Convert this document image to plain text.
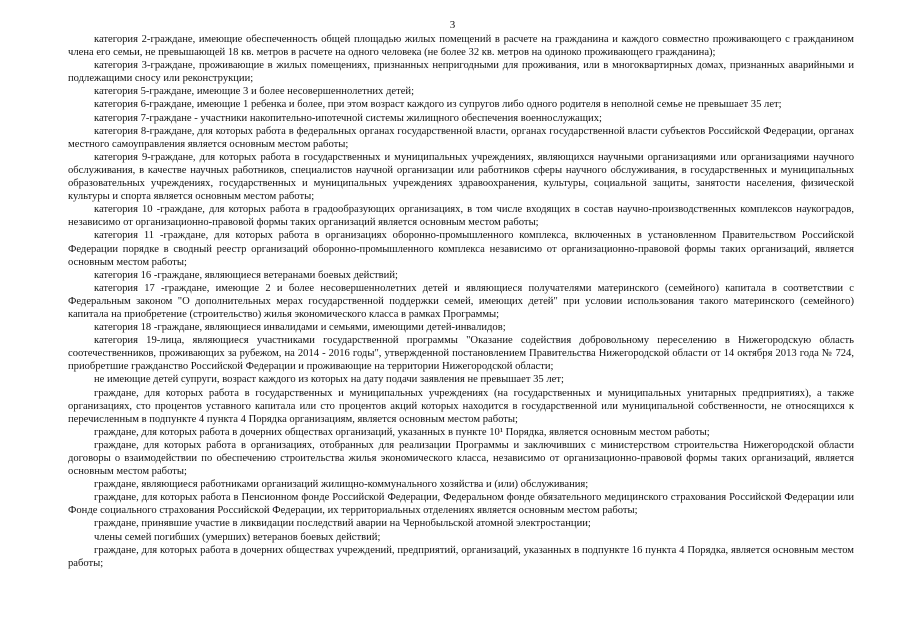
3

категория 2-граждане, имеющие обеспеченность общей площадью жилых помещений в расчете на гражданина и каждого совместно проживающего с гражданином члена его семьи, не превышающей 18 кв. метров в расчете на одного человека (не более 32 кв. метров на одиноко проживающего гражданина);

категория 3-граждане, проживающие в жилых помещениях, признанных непригодными для проживания, или в многоквартирных домах, признанных аварийными и подлежащими сносу или реконструкции;

категория 5-граждане, имеющие 3 и более несовершеннолетних детей;

категория 6-граждане, имеющие 1 ребенка и более, при этом возраст каждого из супругов либо одного родителя в неполной семье не превышает 35 лет;

категория 7-граждане - участники накопительно-ипотечной системы жилищного обеспечения военнослужащих;

категория 8-граждане, для которых работа в федеральных органах государственной власти, органах государственной власти субъектов Российской Федерации, органах местного самоуправления является основным местом работы;

категория 9-граждане, для которых работа в государственных и муниципальных учреждениях, являющихся научными организациями или организациями научного обслуживания, в качестве научных работников, специалистов научной организации или работников сферы научного обслуживания, в государственных и муниципальных образовательных учреждениях, государственных и муниципальных учреждениях здравоохранения, культуры, социальной защиты, занятости населения, физической культуры и спорта является основным местом работы;

категория 10 -граждане, для которых работа в градообразующих организациях, в том числе входящих в состав научно-производственных комплексов наукоградов, независимо от организационно-правовой формы таких организаций является основным местом работы;

категория 11 -граждане, для которых работа в организациях оборонно-промышленного комплекса, включенных в установленном Правительством Российской Федерации порядке в сводный реестр организаций оборонно-промышленного комплекса независимо от организационно-правовой формы таких организаций, является основным местом работы;

категория 16 -граждане, являющиеся ветеранами боевых действий;

категория 17 -граждане, имеющие 2 и более несовершеннолетних детей и являющиеся получателями материнского (семейного) капитала в соответствии с Федеральным законом "О дополнительных мерах государственной поддержки семей, имеющих детей" при условии использования такого материнского (семейного) капитала на приобретение (строительство) жилья экономического класса в рамках Программы;

категория 18 -граждане, являющиеся инвалидами и семьями, имеющими детей-инвалидов;

категория 19-лица, являющиеся участниками государственной программы "Оказание содействия добровольному переселению в Нижегородскую область соотечественников, проживающих за рубежом, на 2014 - 2016 годы", утвержденной постановлением Правительства Нижегородской области от 14 октября 2013 года № 724, приобретшие гражданство Российской Федерации и проживающие на территории Нижегородской области;

не имеющие детей супруги, возраст каждого из которых на дату подачи заявления не превышает 35 лет;

граждане, для которых работа в государственных и муниципальных учреждениях (на государственных и муниципальных унитарных предприятиях), а также организациях, сто процентов уставного капитала или сто процентов акций которых находится в государственной или муниципальной собственности, не относящихся к перечисленным в подпункте 4 пункта 4 Порядка организациям, является основным местом работы;

граждане, для которых работа в дочерних обществах организаций, указанных в пункте 10¹ Порядка, является основным местом работы;

граждане, для которых работа в организациях, отобранных для реализации Программы и заключивших с министерством строительства Нижегородской области договоры о взаимодействии по обеспечению строительства жилья экономического класса, независимо от организационно-правовой формы таких организаций, является основным местом работы;

граждане, являющиеся работниками организаций жилищно-коммунального хозяйства и (или) обслуживания;

граждане, для которых работа в Пенсионном фонде Российской Федерации, Федеральном фонде обязательного медицинского страхования Российской Федерации или Фонде социального страхования Российской Федерации, их территориальных отделениях является основным местом работы;

граждане, принявшие участие в ликвидации последствий аварии на Чернобыльской атомной электростанции;

члены семей погибших (умерших) ветеранов боевых действий;

граждане, для которых работа в дочерних обществах учреждений, предприятий, организаций, указанных в подпункте 16 пункта 4 Порядка, является основным местом работы;
